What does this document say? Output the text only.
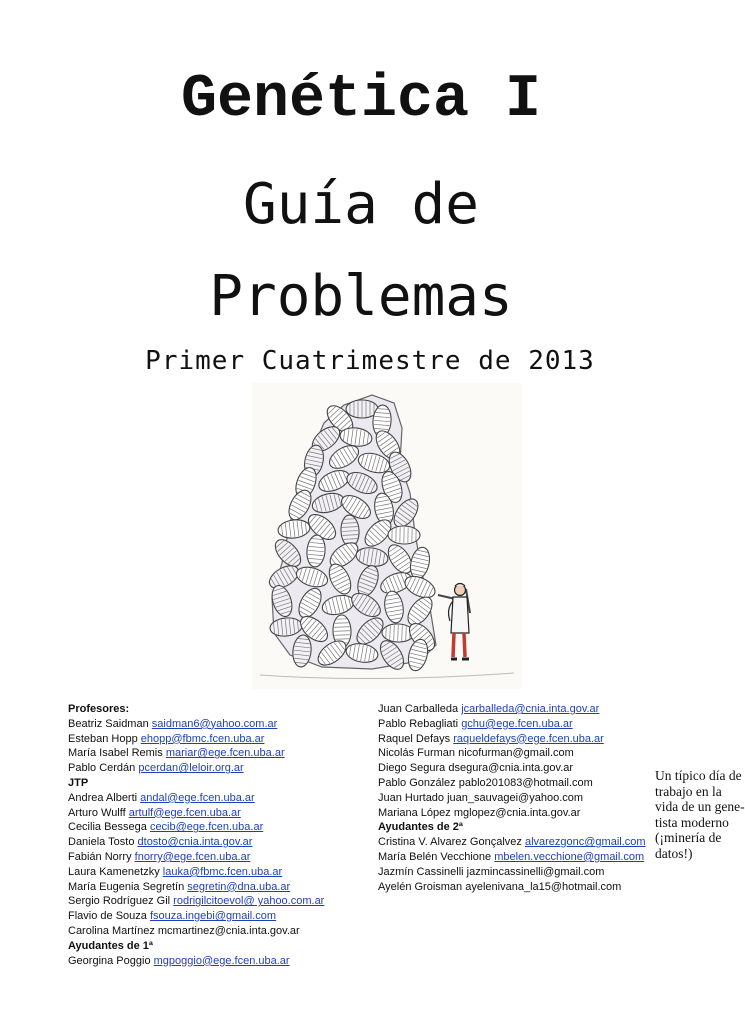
Genética I
Guía de
Problemas
Primer Cuatrimestre de 2013
Un típico día de
trabajo en la
vida de un gene-
tista moderno
(¡minería de
datos!)
Profesores:
Beatriz Saidman saidman6@yahoo.com.ar
Esteban Hopp ehopp@fbmc.fcen.uba.ar
María Isabel Remis mariar@ege.fcen.uba.ar
Pablo Cerdán pcerdan@leloir.org.ar
JTP
Andrea Alberti andal@ege.fcen.uba.ar
Arturo Wulff artulf@ege.fcen.uba.ar
Cecilia Bessega cecib@ege.fcen.uba.ar
Daniela Tosto dtosto@cnia.inta.gov.ar
Fabián Norry fnorry@ege.fcen.uba.ar
Laura Kamenetzky lauka@fbmc.fcen.uba.ar
María Eugenia Segretín segretin@dna.uba.ar
Sergio Rodríguez Gil rodrigilcitoevol@ yahoo.com.ar
Flavio de Souza fsouza.ingebi@gmail.com
Carolina Martínez mcmartinez@cnia.inta.gov.ar
Ayudantes de 1ª
Georgina Poggio mgpoggio@ege.fcen.uba.ar
Juan Carballeda jcarballeda@cnia.inta.gov.ar
Pablo Rebagliati gchu@ege.fcen.uba.ar
Raquel Defays raqueldefays@ege.fcen.uba.ar
Nicolás Furman nicofurman@gmail.com
Diego Segura dsegura@cnia.inta.gov.ar
Pablo González pablo201083@hotmail.com
Juan Hurtado juan_sauvagei@yahoo.com
Mariana López mglopez@cnia.inta.gov.ar
Ayudantes de 2ª
Cristina V. Alvarez Gonçalvez alvarezgonc@gmail.com
María Belén Vecchione mbelen.vecchione@gmail.com
Jazmín Cassinelli jazmincassinelli@gmail.com
Ayelén Groisman ayelenivana_la15@hotmail.com
